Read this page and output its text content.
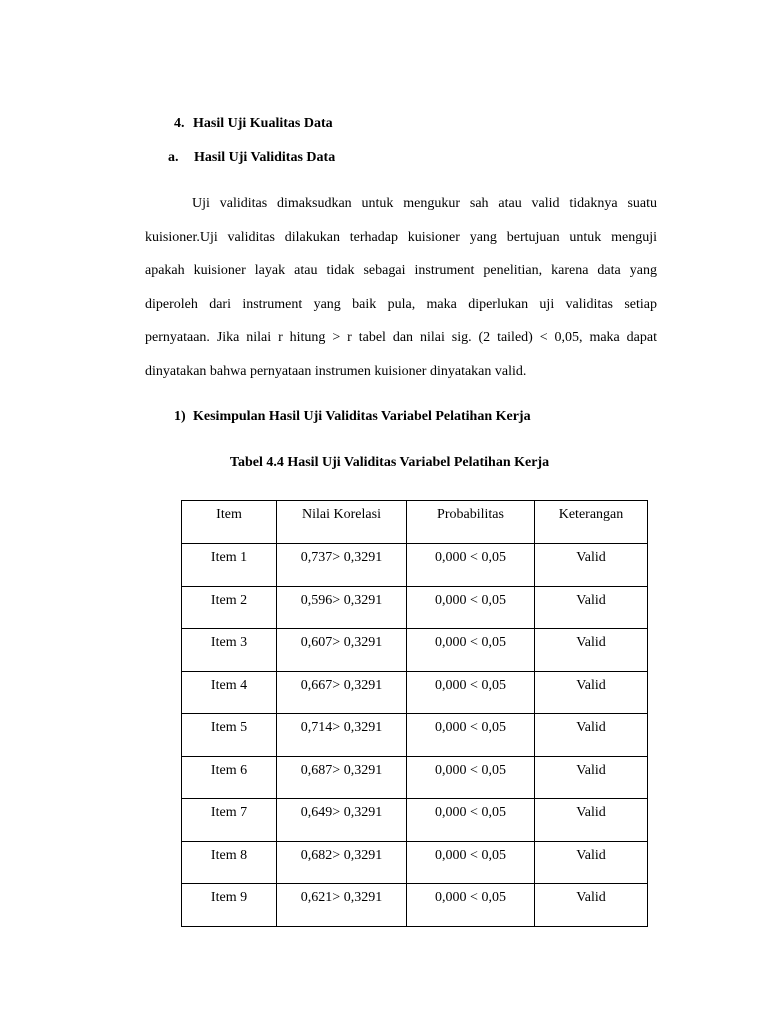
4. Hasil Uji Kualitas Data
a. Hasil Uji Validitas Data
Uji validitas dimaksudkan untuk mengukur sah atau valid tidaknya suatu
kuisioner.Uji validitas dilakukan terhadap kuisioner yang bertujuan untuk menguji
apakah kuisioner layak atau tidak sebagai instrument penelitian, karena data yang
diperoleh dari instrument yang baik pula, maka diperlukan uji validitas setiap
pernyataan. Jika nilai r hitung > r tabel dan nilai sig. (2 tailed) < 0,05, maka dapat
dinyatakan bahwa pernyataan instrumen kuisioner dinyatakan valid.
1) Kesimpulan Hasil Uji Validitas Variabel Pelatihan Kerja
Tabel 4.4 Hasil Uji Validitas Variabel Pelatihan Kerja
Item	Nilai Korelasi	Probabilitas	Keterangan
Item 1	0,737> 0,3291	0,000 < 0,05	Valid
Item 2	0,596> 0,3291	0,000 < 0,05	Valid
Item 3	0,607> 0,3291	0,000 < 0,05	Valid
Item 4	0,667> 0,3291	0,000 < 0,05	Valid
Item 5	0,714> 0,3291	0,000 < 0,05	Valid
Item 6	0,687> 0,3291	0,000 < 0,05	Valid
Item 7	0,649> 0,3291	0,000 < 0,05	Valid
Item 8	0,682> 0,3291	0,000 < 0,05	Valid
Item 9	0,621> 0,3291	0,000 < 0,05	Valid
